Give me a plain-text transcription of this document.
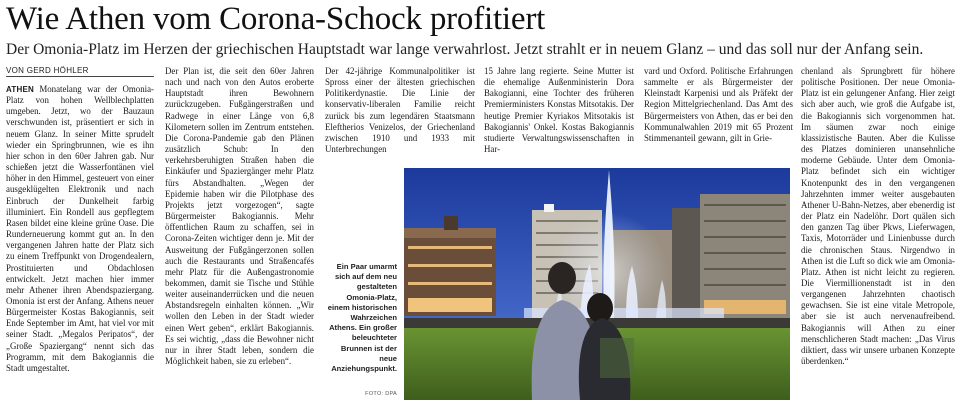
Wie Athen vom Corona-Schock profitiert

Der Omonia-Platz im Herzen der griechischen Hauptstadt war lange verwahrlost. Jetzt strahlt er in neuem Glanz – und das soll nur der Anfang sein.

VON GERD HÖHLER

ATHEN Monatelang war der Omonia-Platz von hohen Wellblechplatten umgeben. Jetzt, wo der Bauzaun verschwunden ist, präsentiert er sich in neuem Glanz. In seiner Mitte sprudelt wieder ein Springbrunnen, wie es ihn hier schon in den 60er Jahren gab. Nur schießen jetzt die Wasserfontänen viel höher in den Himmel, gesteuert von einer ausgeklügelten Elektronik und nach Einbruch der Dunkelheit farbig illuminiert. Ein Rondell aus gepflegtem Rasen bildet eine kleine grüne Oase. Die Runderneuerung kommt gut an. In den vergangenen Jahren hatte der Platz sich zu einem Treffpunkt von Drogendealern, Prostituierten und Obdachlosen entwickelt. Jetzt machen hier immer mehr Athener ihren Abendspaziergang. Omonia ist erst der Anfang. Athens neuer Bürgermeister Kostas Bakogiannis, seit Ende September im Amt, hat viel vor mit seiner Stadt. „Megalos Peripatos“, der „Große Spaziergang“ nennt sich das Programm, mit dem Bakogiannis die Stadt umgestaltet.

Der Plan ist, die seit den 60er Jahren nach und nach von den Autos eroberte Hauptstadt ihren Bewohnern zurückzugeben. Fußgängerstraßen und Radwege in einer Länge von 6,8 Kilometern sollen im Zentrum entstehen. Die Corona-Pandemie gab den Plänen zusätzlich Schub: In den verkehrsberuhigten Straßen haben die Einkäufer und Spaziergänger mehr Platz fürs Abstandhalten. „Wegen der Epidemie haben wir die Pilotphase des Projekts jetzt vorgezogen“, sagte Bürgermeister Bakogiannis. Mehr öffentlichen Raum zu schaffen, sei in Corona-Zeiten wichtiger denn je. Mit der Ausweitung der Fußgängerzonen sollen auch die Restaurants und Straßencafés mehr Platz für die Außengastronomie bekommen, damit sie Tische und Stühle weiter auseinanderrücken und die neuen Abstandsregeln einhalten können. „Wir wollen den Leben in der Stadt wieder einen Wert geben“, erklärt Bakogiannis. Es sei wichtig, „dass die Bewohner nicht nur in ihrer Stadt leben, sondern die Möglichkeit haben, sie zu erleben“.

Der 42-jährige Kommunalpolitiker ist Spross einer der ältesten griechischen Politikerdynastie. Die Linie der konservativ-liberalen Familie reicht zurück bis zum legendären Staatsmann Eleftherios Venizelos, der Griechenland zwischen 1910 und 1933 mit Unterbrechungen

15 Jahre lang regierte. Seine Mutter ist die ehemalige Außenministerin Dora Bakogianni, eine Tochter des früheren Premierministers Konstas Mitsotakis. Der heutige Premier Kyriakos Mitsotakis ist Bakogiannis' Onkel. Kostas Bakogiannis studierte Verwaltungswissenschaften in Har-

vard und Oxford. Politische Erfahrungen sammelte er als Bürgermeister der Kleinstadt Karpenisi und als Präfekt der Region Mittelgriechenland. Das Amt des Bürgermeisters von Athen, das er bei den Kommunalwahlen 2019 mit 65 Prozent Stimmenanteil gewann, gilt in Grie-

chenland als Sprungbrett für höhere politische Positionen. Der neue Omonia-Platz ist ein gelungener Anfang. Hier zeigt sich aber auch, wie groß die Aufgabe ist, die Bakogiannis sich vorgenommen hat. Im säumen zwar noch einige klassizistische Bauten. Aber die Kulisse des Platzes dominieren unansehnliche moderne Gebäude. Unter dem Omonia-Platz befindet sich ein wichtiger Knotenpunkt des in den vergangenen Jahrzehnten immer weiter ausgebauten Athener U-Bahn-Netzes, aber ebenerdig ist der Platz ein Nadelöhr. Dort quälen sich den ganzen Tag über Pkws, Lieferwagen, Taxis, Motorräder und Linienbusse durch die chronischen Staus. Nirgendwo in Athen ist die Luft so dick wie am Omonia-Platz. Athen ist nicht leicht zu regieren. Die Viermillionenstadt ist in den vergangenen Jahrzehnten chaotisch gewachsen. Sie ist eine vitale Metropole, aber sie ist auch nervenaufreibend. Bakogiannis will Athen zu einer menschlicheren Stadt machen: „Das Virus diktiert, dass wir unsere urbanen Konzepte überdenken.“

Ein Paar umarmt sich auf dem neu gestalteten Omonia-Platz, einem historischen Wahrzeichen Athens. Ein großer beleuchteter Brunnen ist der neue Anziehungspunkt.
FOTO: DPA
